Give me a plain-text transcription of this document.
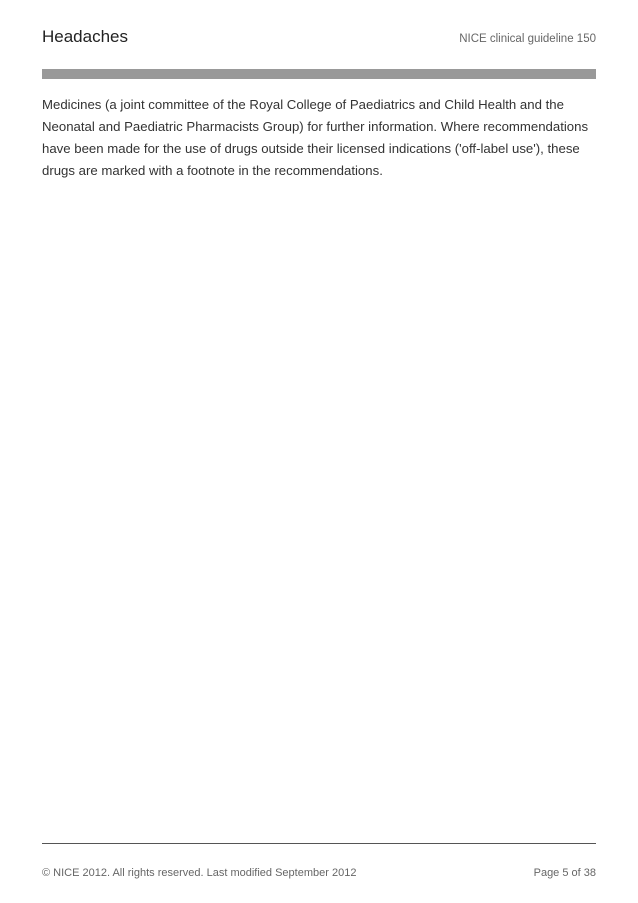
Headaches	NICE clinical guideline 150

Medicines (a joint committee of the Royal College of Paediatrics and Child Health and the Neonatal and Paediatric Pharmacists Group) for further information. Where recommendations have been made for the use of drugs outside their licensed indications ('off-label use'), these drugs are marked with a footnote in the recommendations.

© NICE 2012. All rights reserved. Last modified September 2012	Page 5 of 38
